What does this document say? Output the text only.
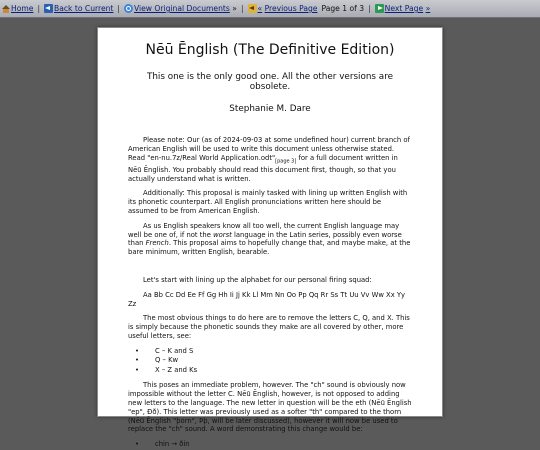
Home | Back to Current | View Original Documents
» | «
Previous Page Page 1 of 3 | Next Page
»
Nēū Ēnglish (The Definitive Edition)
This one is the only good one. All the other versions are obsolete.
Stephanie M. Dare

Please note: Our (as of 2024-09-03 at some undefined hour) current branch of American English will be used to write this document unless otherwise stated. Read "en-nu.7z/Real World $Application.odt"_{[page 3]}$ for a full document written in Nēū Ēnglish. You probably should read this document first, though, so that you actually understand what is written.

Additionally: This proposal is mainly tasked with lining up written English with its phonetic counterpart. All English pronunciations written here should be assumed to be from American English.

As us English speakers know all too well, the current English language may well be one of, if not the worst language in the Latin series, possibly even worse than French. This proposal aims to hopefully change that, and maybe make, at the bare minimum, written English, bearable.

Let's start with lining up the alphabet for our personal firing squad:

Aa Bb Cc Dd Ee Ff Gg Hh Ii Jj Kk Ll Mm Nn Oo Pp Qq Rr Ss Tt Uu Vv Ww Xx Yy Zz

The most obvious things to do here are to remove the letters C, Q, and X. This is simply because the phonetic sounds they make are all covered by other, more useful letters, see:

• C – K and S
• Q – Kw
• X – Z and Ks

This poses an immediate problem, however. The "ch" sound is obviously now impossible without the letter C. Nēū Ēnglish, however, is not opposed to adding new letters to the language. The new letter in question will be the eth (Nēū Ēnglish "ep", Ðð). This letter was previously used as a softer "th" compared to the thorn (Nēū Ēnglish "þorn", Þþ, will be later discussed), however it will now be used to replace the "ch" sound. A word demonstrating this change would be:

• chin → ðin
